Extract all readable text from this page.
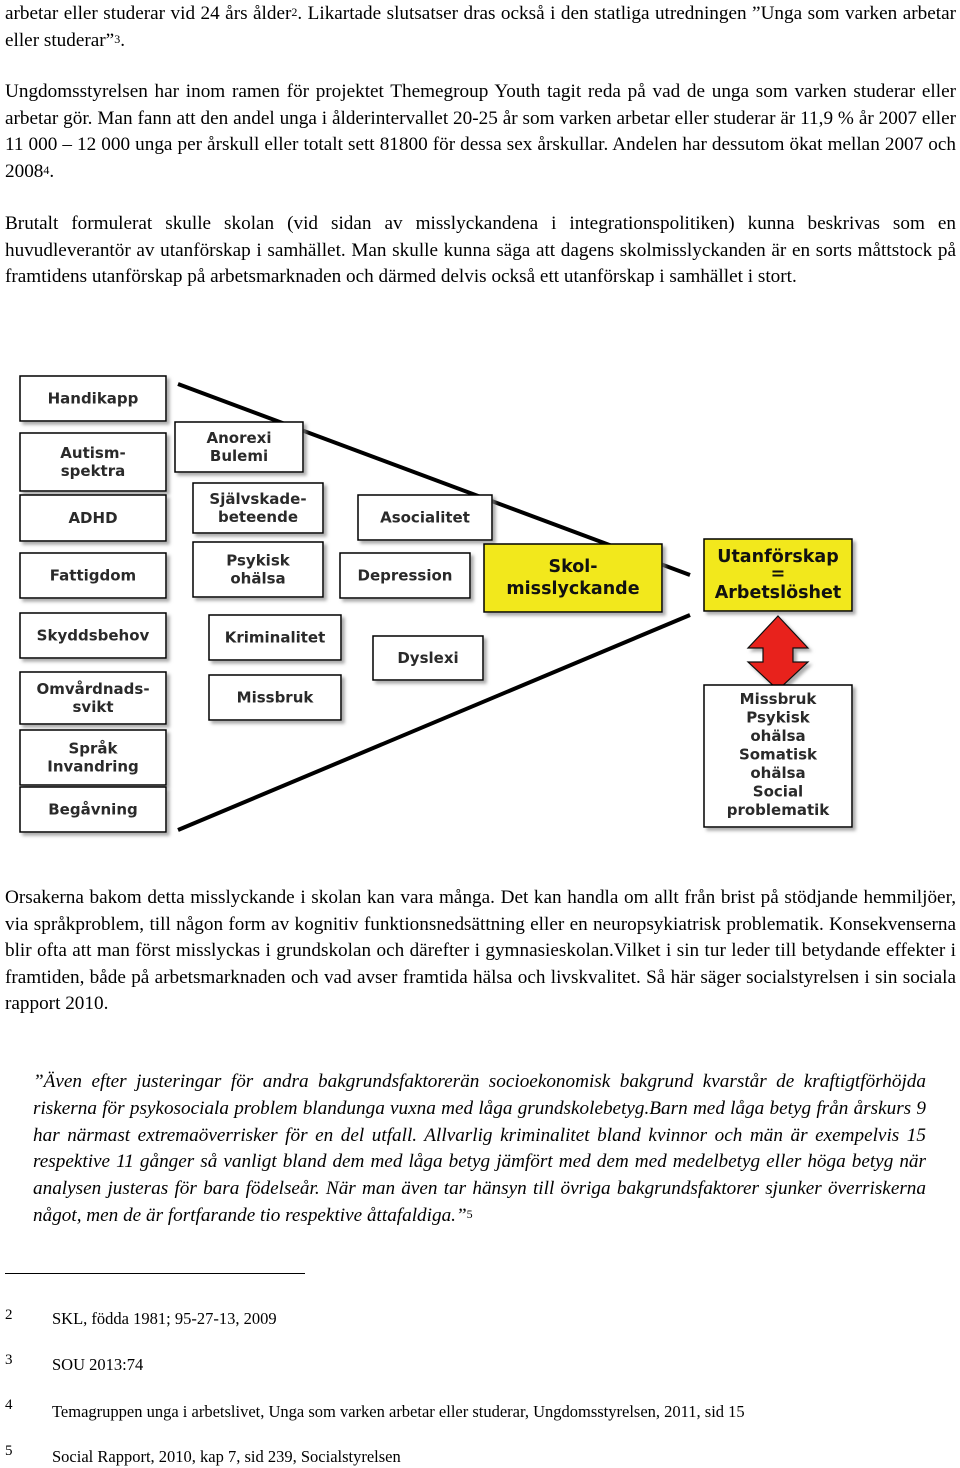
arbetar eller studerar vid 24 års ålder$^2$. Likartade slutsatser dras också i den statliga utredningen ”Unga som varken arbetar eller studerar”$^3$.

Ungdomsstyrelsen har inom ramen för projektet Themegroup Youth tagit reda på vad de unga som varken studerar eller arbetar gör. Man fann att den andel unga i ålderintervallet 20-25 år som varken arbetar eller studerar är 11,9 % år 2007 eller 11 000 – 12 000 unga per årskull eller totalt sett 81800 för dessa sex årskullar. Andelen har dessutom ökat mellan 2007 och 2008$^4$.

Brutalt formulerat skulle skolan (vid sidan av misslyckandena i integrationspolitiken) kunna beskrivas som en huvudleverantör av utanförskap i samhället. Man skulle kunna säga att dagens skolmisslyckanden är en sorts måttstock på framtidens utanförskap på arbetsmarknaden och därmed delvis också ett utanförskap i samhället i stort.

Handikapp
Autism-
spektra
ADHD
Fattigdom
Skyddsbehov
Omvårdnads-
svikt
Språk
Invandring
Begåvning
Anorexi
Bulemi
Självskade-
beteende
Psykisk
ohälsa
Kriminalitet
Missbruk
Asocialitet
Depression
Dyslexi
Skol-
misslyckande
Utanförskap
=
Arbetslöshet
Missbruk
Psykisk
ohälsa
Somatisk
ohälsa
Social
problematik

Orsakerna bakom detta misslyckande i skolan kan vara många. Det kan handla om allt från brist på stödjande hemmiljöer, via språkproblem, till någon form av kognitiv funktionsnedsättning eller en neuropsykiatrisk problematik. Konsekvenserna blir ofta att man först misslyckas i grundskolan och därefter i gymnasieskolan.Vilket i sin tur leder till betydande effekter i framtiden, både på arbetsmarknaden och vad avser framtida hälsa och livskvalitet. Så här säger socialstyrelsen i sin sociala rapport 2010.

”Även efter justeringar för andra bakgrundsfaktorerän socioekonomisk bakgrund kvarstår de kraftigtförhöjda riskerna för psykosociala problem blandunga vuxna med låga grundskolebetyg.Barn med låga betyg från årskurs 9 har närmast extremaöverrisker för en del utfall. Allvarlig kriminalitet bland kvinnor och män är exempelvis 15 respektive 11 gånger så vanligt bland dem med låga betyg jämfört med dem med medelbetyg eller höga betyg när analysen justeras för bara födelseår. När man även tar hänsyn till övriga bakgrundsfaktorer sjunker överriskerna något, men de är fortfarande tio respektive åttafaldiga.”$^5$

2 SKL, födda 1981; 95-27-13, 2009
3 SOU 2013:74
4 Temagruppen unga i arbetslivet, Unga som varken arbetar eller studerar, Ungdomsstyrelsen, 2011, sid 15
5 Social Rapport, 2010, kap 7, sid 239, Socialstyrelsen
